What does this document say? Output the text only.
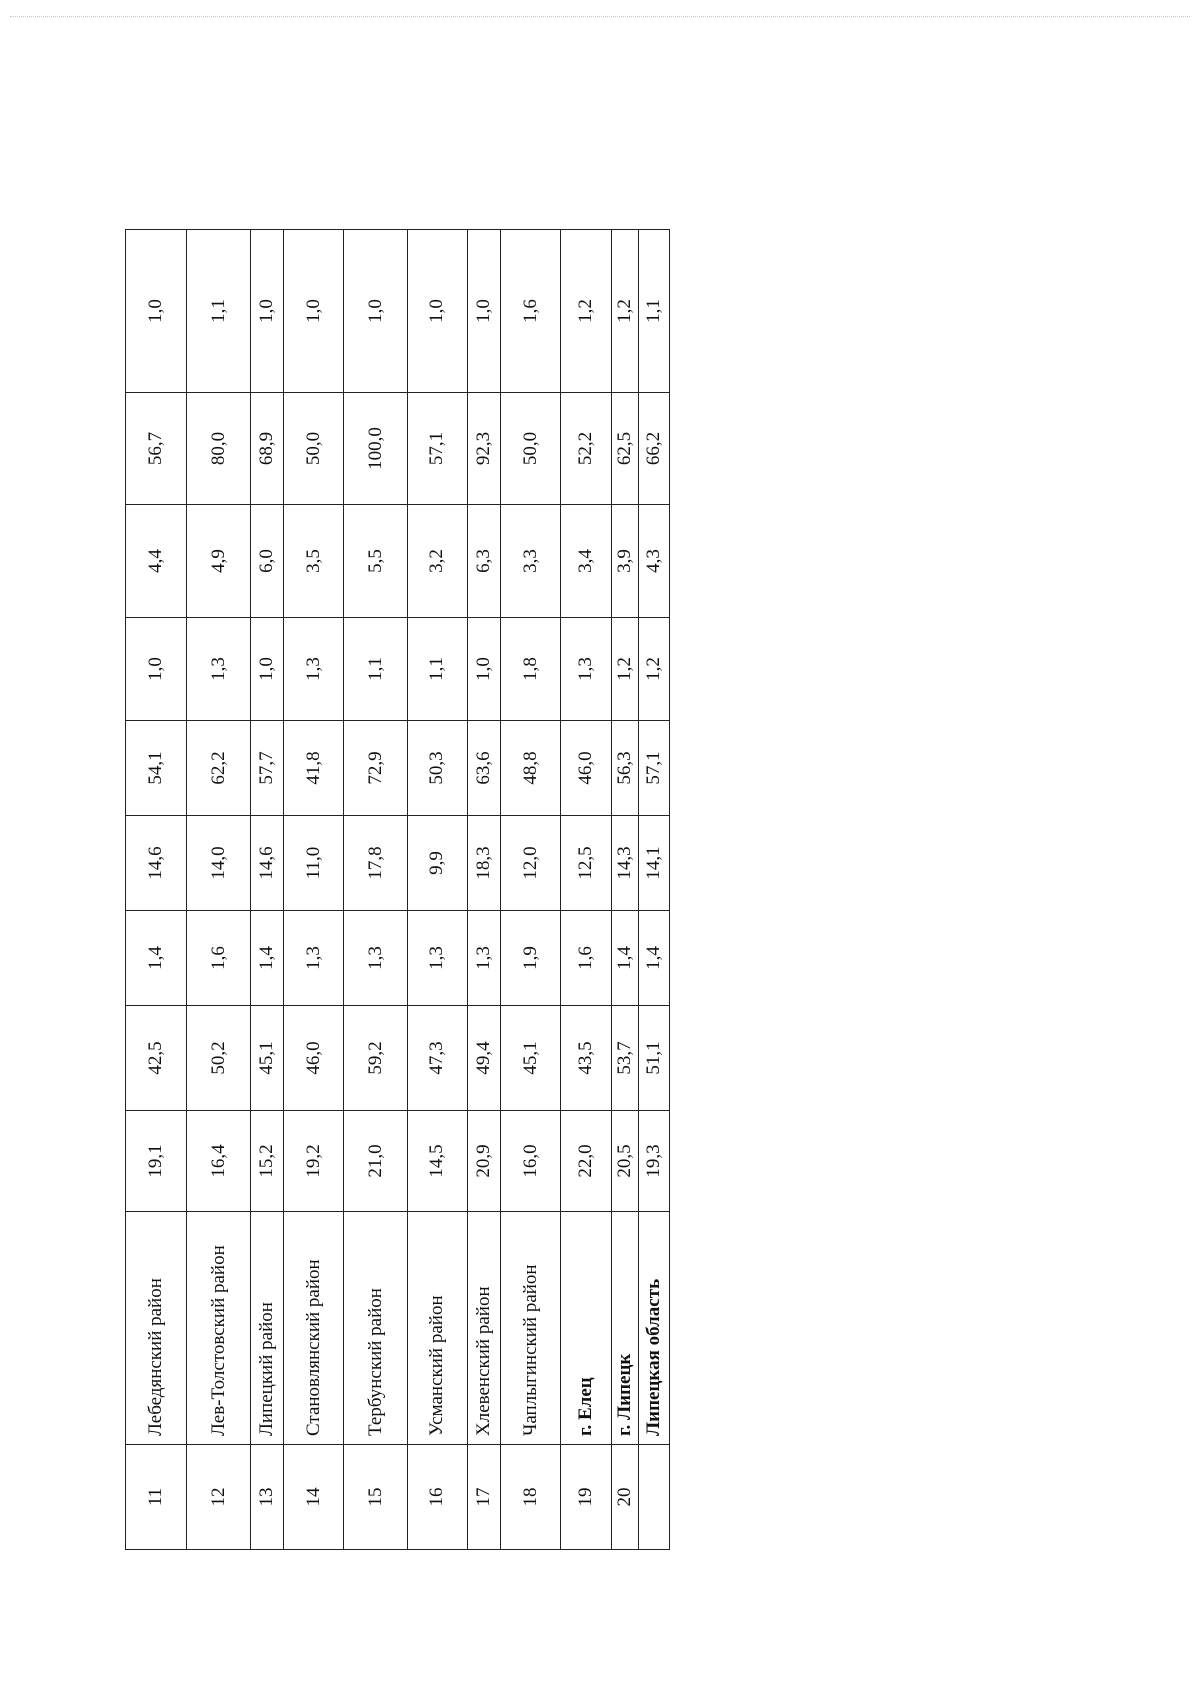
11	Лебедянский район	19,1	42,5	1,4	14,6	54,1	1,0	4,4	56,7	1,0
12	Лев-Толстовский район	16,4	50,2	1,6	14,0	62,2	1,3	4,9	80,0	1,1
13	Липецкий район	15,2	45,1	1,4	14,6	57,7	1,0	6,0	68,9	1,0
14	Становлянский район	19,2	46,0	1,3	11,0	41,8	1,3	3,5	50,0	1,0
15	Тербунский район	21,0	59,2	1,3	17,8	72,9	1,1	5,5	100,0	1,0
16	Усманский район	14,5	47,3	1,3	9,9	50,3	1,1	3,2	57,1	1,0
17	Хлевенский район	20,9	49,4	1,3	18,3	63,6	1,0	6,3	92,3	1,0
18	Чаплыгинский район	16,0	45,1	1,9	12,0	48,8	1,8	3,3	50,0	1,6
19	г. Елец	22,0	43,5	1,6	12,5	46,0	1,3	3,4	52,2	1,2
20	г. Липецк	20,5	53,7	1,4	14,3	56,3	1,2	3,9	62,5	1,2
	Липецкая область	19,3	51,1	1,4	14,1	57,1	1,2	4,3	66,2	1,1
